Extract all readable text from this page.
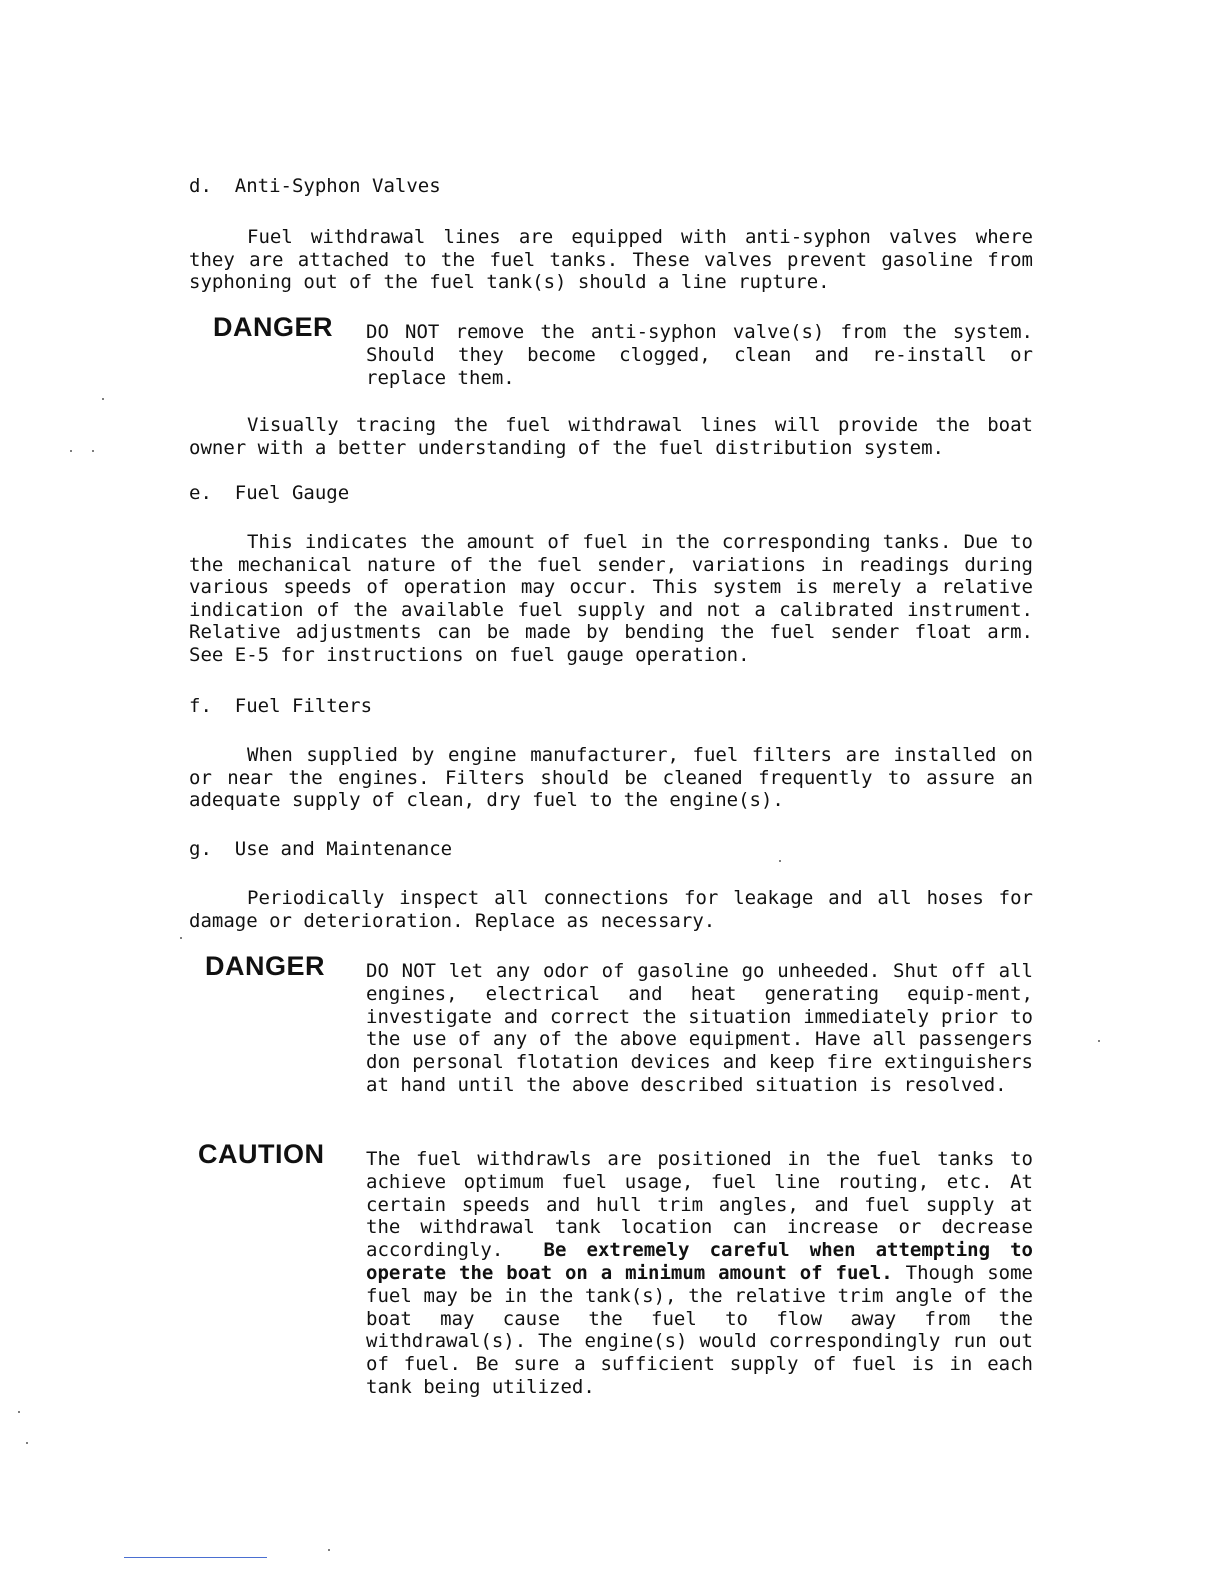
d.  Anti-Syphon Valves
Fuel withdrawal lines are equipped with anti-syphon valves where they are attached to the fuel tanks. These valves prevent gasoline from syphoning out of the fuel tank(s) should a line rupture.
DANGER DO NOT remove the anti-syphon valve(s) from the system. Should they become clogged, clean and re-install or replace them.
Visually tracing the fuel withdrawal lines will provide the boat owner with a better understanding of the fuel distribution system.
e.  Fuel Gauge
This indicates the amount of fuel in the corresponding tanks. Due to the mechanical nature of the fuel sender, variations in readings during various speeds of operation may occur. This system is merely a relative indication of the available fuel supply and not a calibrated instrument. Relative adjustments can be made by bending the fuel sender float arm. See E-5 for instructions on fuel gauge operation.
f.  Fuel Filters
When supplied by engine manufacturer, fuel filters are installed on or near the engines. Filters should be cleaned frequently to assure an adequate supply of clean, dry fuel to the engine(s).
g.  Use and Maintenance
Periodically inspect all connections for leakage and all hoses for damage or deterioration. Replace as necessary.
DANGER DO NOT let any odor of gasoline go unheeded. Shut off all engines, electrical and heat generating equip-ment, investigate and correct the situation immediately prior to the use of any of the above equipment. Have all passengers don personal flotation devices and keep fire extinguishers at hand until the above described situation is resolved.
CAUTION The fuel withdrawls are positioned in the fuel tanks to achieve optimum fuel usage, fuel line routing, etc. At certain speeds and hull trim angles, and fuel supply at the withdrawal tank location can increase or decrease accordingly. Be extremely careful when attempting to operate the boat on a minimum amount of fuel. Though some fuel may be in the tank(s), the relative trim angle of the boat may cause the fuel to flow away from the withdrawal(s). The engine(s) would correspondingly run out of fuel. Be sure a sufficient supply of fuel is in each tank being utilized.
